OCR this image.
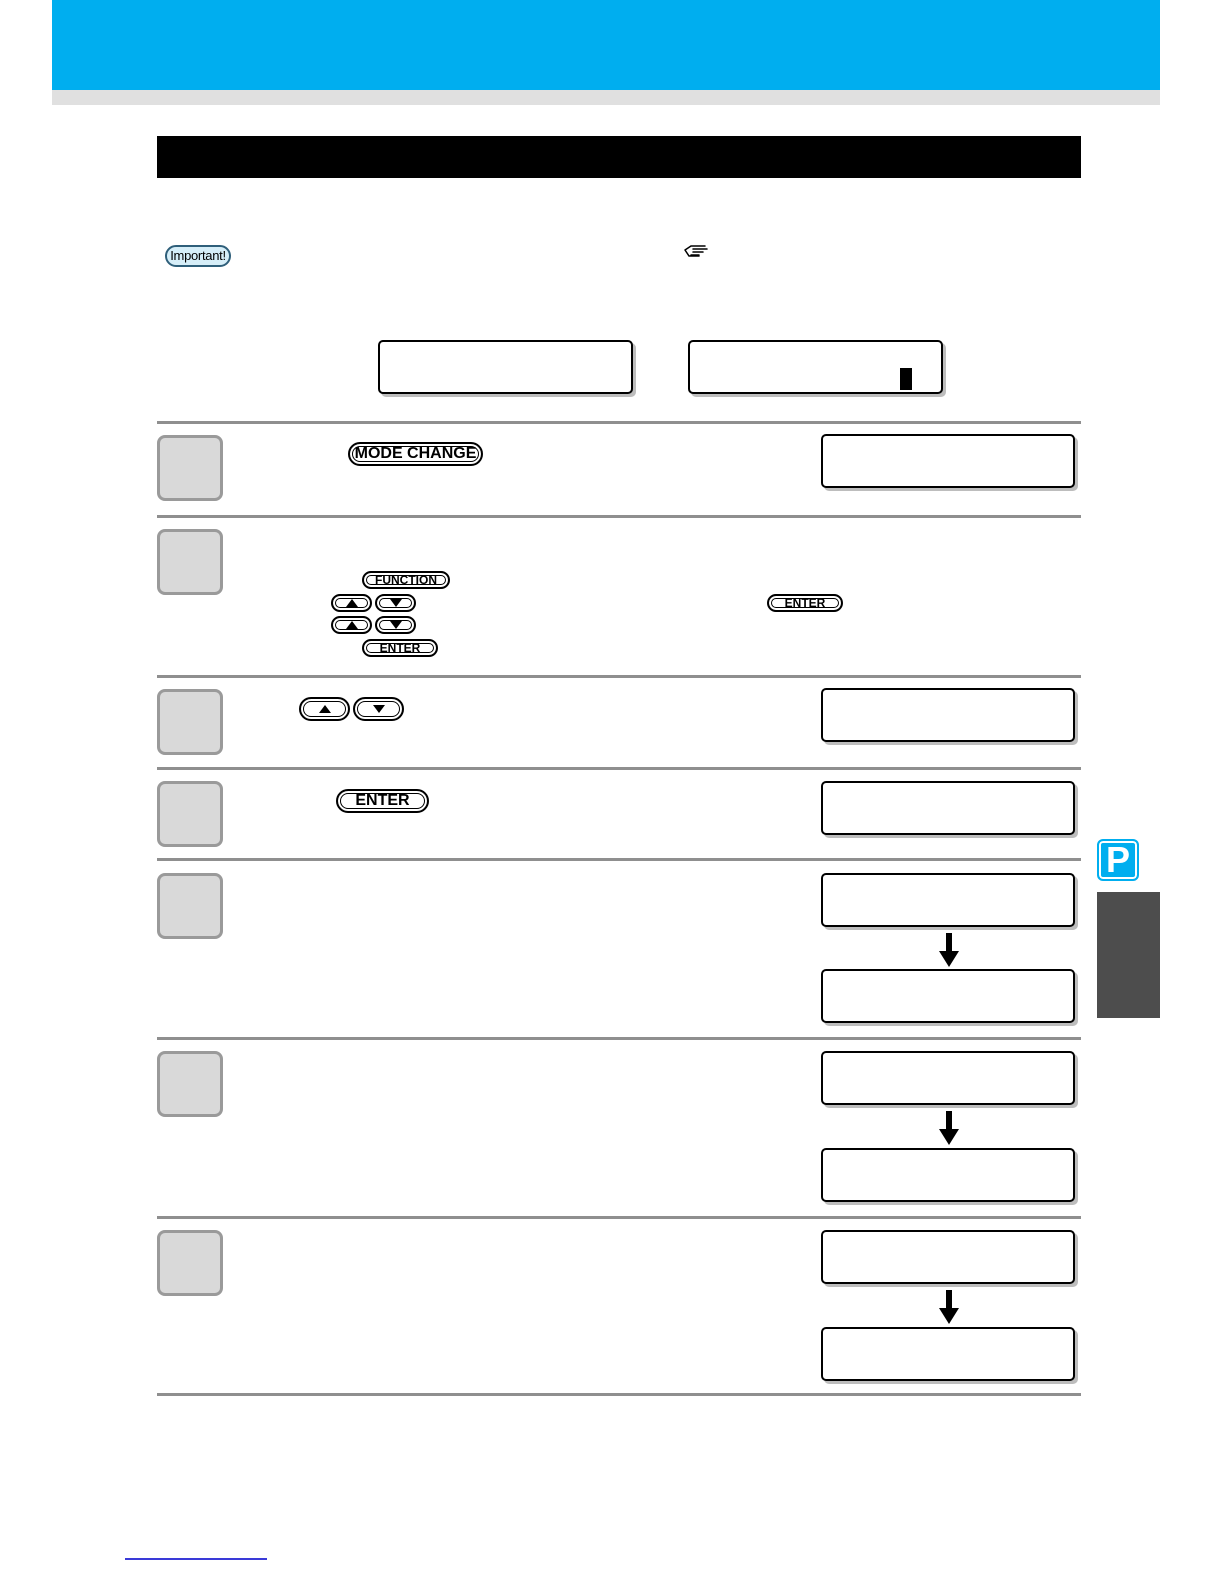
Important!
MODE CHANGE
FUNCTION
ENTER
ENTER
ENTER
P
